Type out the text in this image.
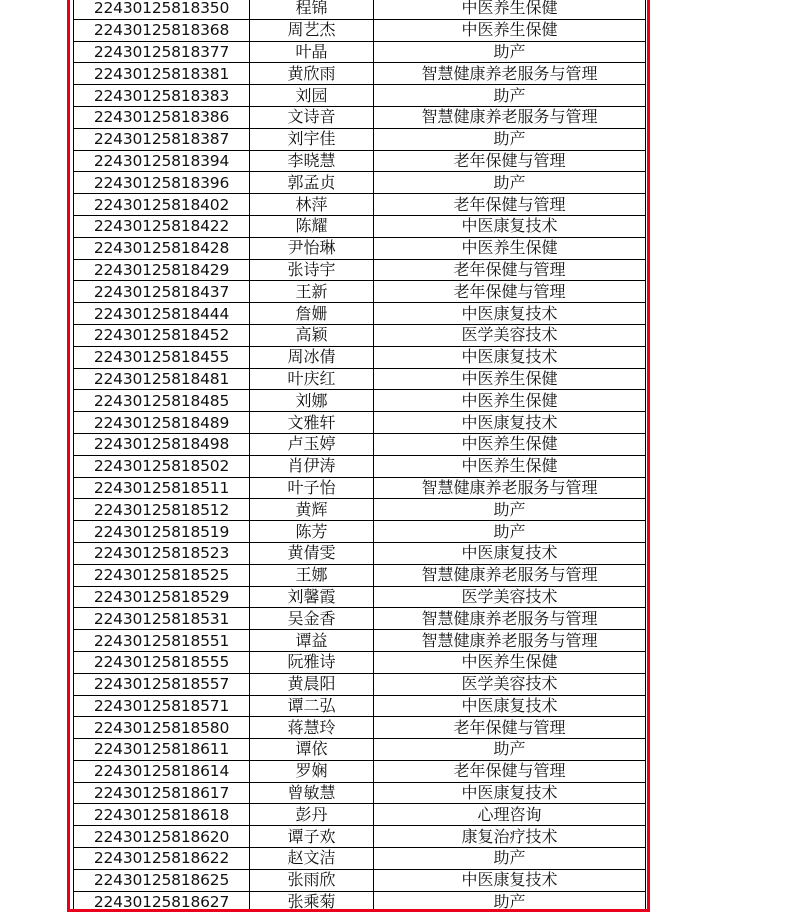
22430125818350	程锦	中医养生保健
22430125818368	周艺杰	中医养生保健
22430125818377	叶晶	助产
22430125818381	黄欣雨	智慧健康养老服务与管理
22430125818383	刘园	助产
22430125818386	文诗音	智慧健康养老服务与管理
22430125818387	刘宇佳	助产
22430125818394	李晓慧	老年保健与管理
22430125818396	郭孟贞	助产
22430125818402	林萍	老年保健与管理
22430125818422	陈耀	中医康复技术
22430125818428	尹怡琳	中医养生保健
22430125818429	张诗宇	老年保健与管理
22430125818437	王新	老年保健与管理
22430125818444	詹姗	中医康复技术
22430125818452	高颖	医学美容技术
22430125818455	周冰倩	中医康复技术
22430125818481	叶庆红	中医养生保健
22430125818485	刘娜	中医养生保健
22430125818489	文雅轩	中医康复技术
22430125818498	卢玉婷	中医养生保健
22430125818502	肖伊涛	中医养生保健
22430125818511	叶子怡	智慧健康养老服务与管理
22430125818512	黄辉	助产
22430125818519	陈芳	助产
22430125818523	黄倩雯	中医康复技术
22430125818525	王娜	智慧健康养老服务与管理
22430125818529	刘馨霞	医学美容技术
22430125818531	吴金香	智慧健康养老服务与管理
22430125818551	谭益	智慧健康养老服务与管理
22430125818555	阮雅诗	中医养生保健
22430125818557	黄晨阳	医学美容技术
22430125818571	谭二弘	中医康复技术
22430125818580	蒋慧玲	老年保健与管理
22430125818611	谭依	助产
22430125818614	罗娴	老年保健与管理
22430125818617	曾敏慧	中医康复技术
22430125818618	彭丹	心理咨询
22430125818620	谭子欢	康复治疗技术
22430125818622	赵文洁	助产
22430125818625	张雨欣	中医康复技术
22430125818627	张乘菊	助产
